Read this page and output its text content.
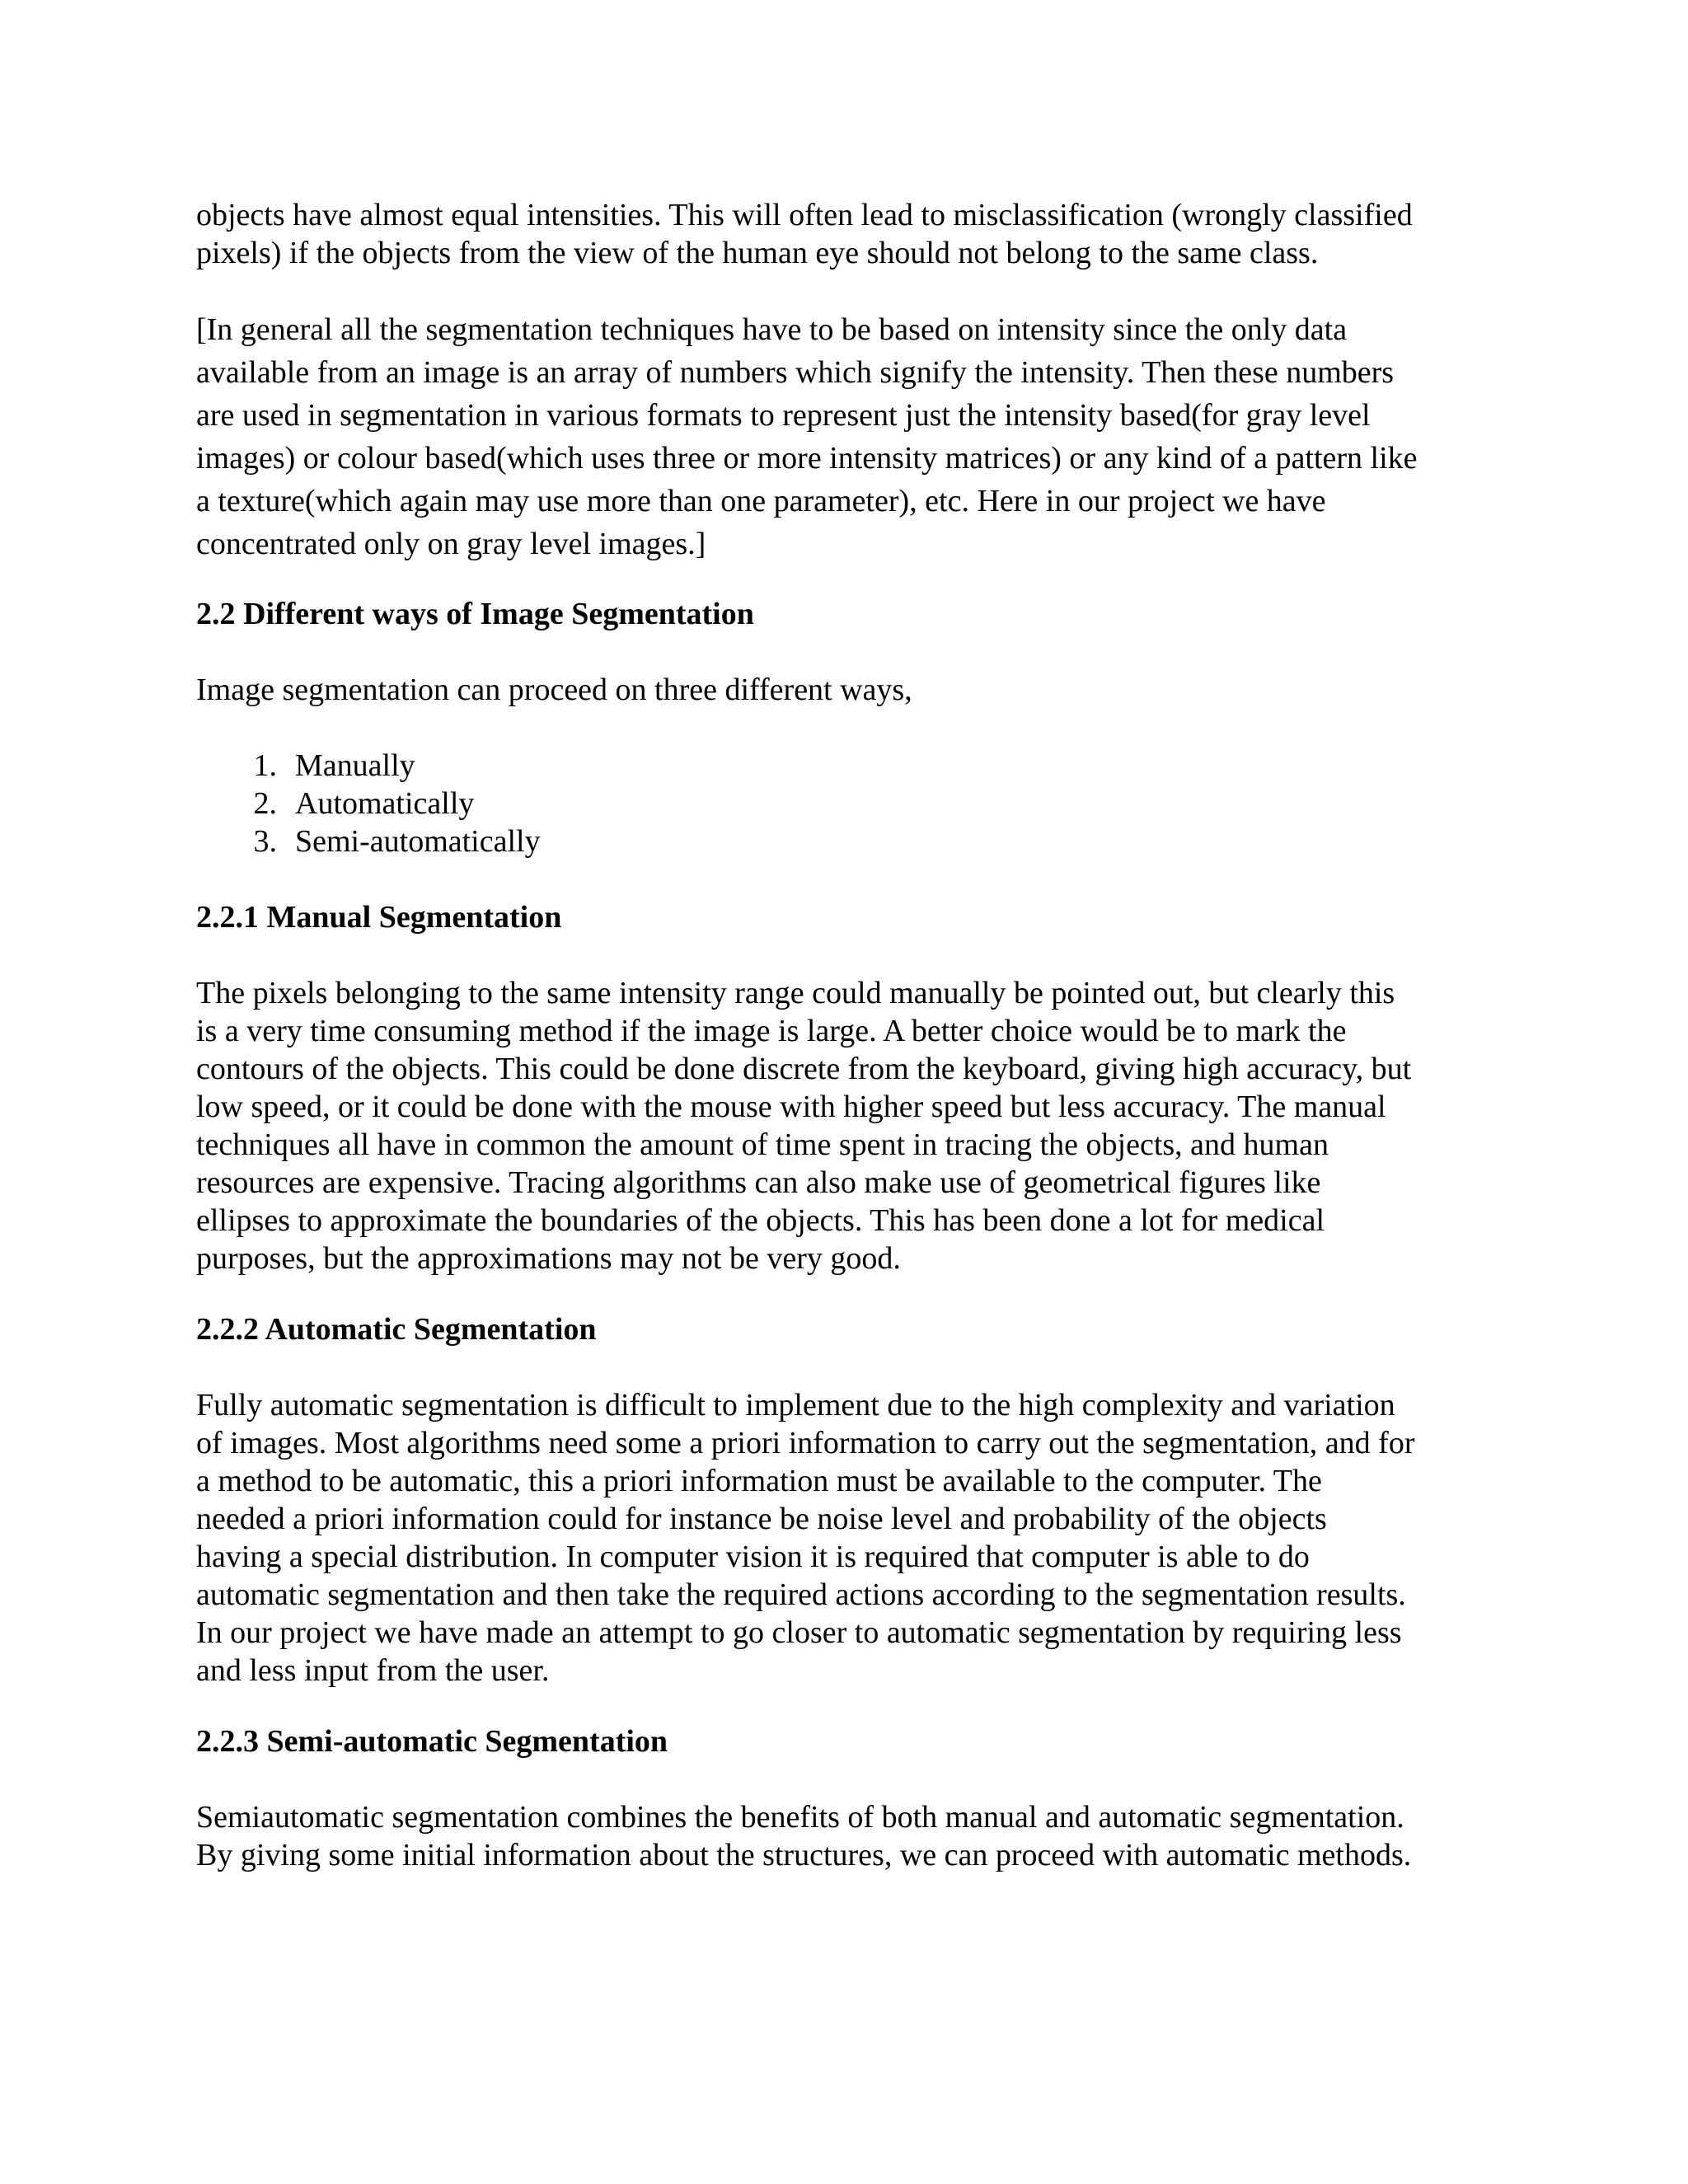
objects have almost equal intensities. This will often lead to misclassification (wrongly classified
pixels) if the objects from the view of the human eye should not belong to the same class.

[In general all the segmentation techniques have to be based on intensity since the only data
available from an image is an array of numbers which signify the intensity. Then these numbers
are used in segmentation in various formats to represent just the intensity based(for gray level
images) or colour based(which uses three or more intensity matrices) or any kind of a pattern like
a texture(which again may use more than one parameter), etc. Here in our project we have
concentrated only on gray level images.]

2.2 Different ways of Image Segmentation

Image segmentation can proceed on three different ways,

1. Manually
2. Automatically
3. Semi-automatically
2.2.1 Manual Segmentation

The pixels belonging to the same intensity range could manually be pointed out, but clearly this
is a very time consuming method if the image is large. A better choice would be to mark the
contours of the objects. This could be done discrete from the keyboard, giving high accuracy, but
low speed, or it could be done with the mouse with higher speed but less accuracy. The manual
techniques all have in common the amount of time spent in tracing the objects, and human
resources are expensive. Tracing algorithms can also make use of geometrical figures like
ellipses to approximate the boundaries of the objects. This has been done a lot for medical
purposes, but the approximations may not be very good.

2.2.2 Automatic Segmentation

Fully automatic segmentation is difficult to implement due to the high complexity and variation
of images. Most algorithms need some a priori information to carry out the segmentation, and for
a method to be automatic, this a priori information must be available to the computer. The
needed a priori information could for instance be noise level and probability of the objects
having a special distribution. In computer vision it is required that computer is able to do
automatic segmentation and then take the required actions according to the segmentation results.
In our project we have made an attempt to go closer to automatic segmentation by requiring less
and less input from the user.

2.2.3 Semi-automatic Segmentation

Semiautomatic segmentation combines the benefits of both manual and automatic segmentation.
By giving some initial information about the structures, we can proceed with automatic methods.
